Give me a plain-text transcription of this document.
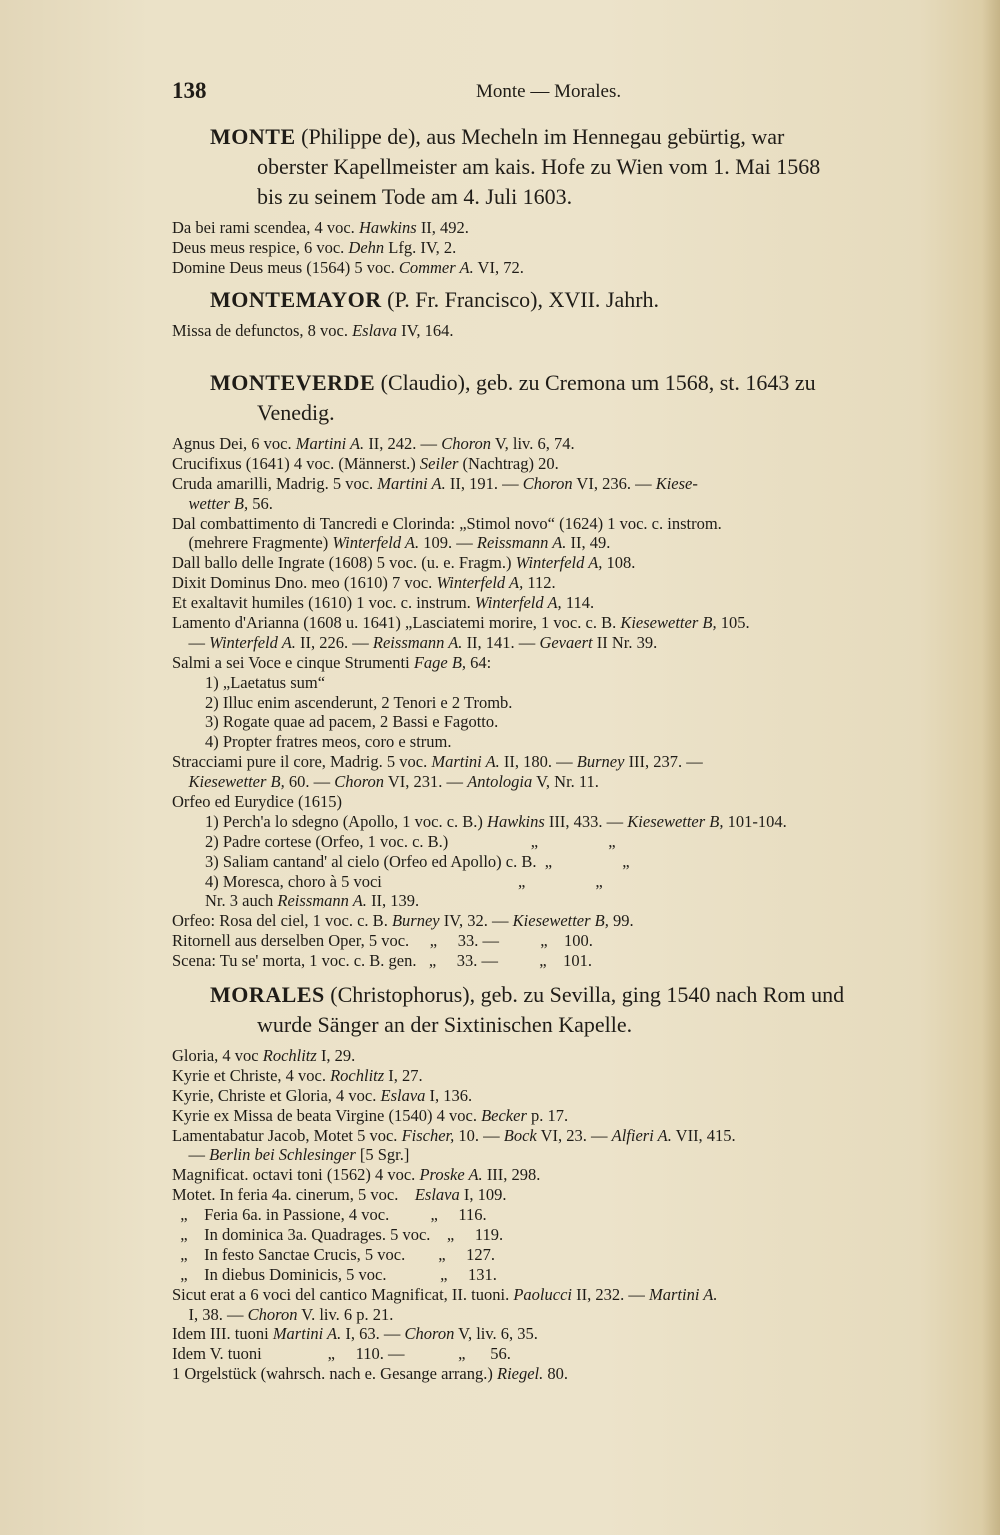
138	Monte — Morales.
MONTE (Philippe de), aus Mecheln im Hennegau gebürtig, war
oberster Kapellmeister am kais. Hofe zu Wien vom 1. Mai 1568
bis zu seinem Tode am 4. Juli 1603.
Da bei rami scendea, 4 voc. Hawkins II, 492.
Deus meus respice, 6 voc. Dehn Lfg. IV, 2.
Domine Deus meus (1564) 5 voc. Commer A. VI, 72.
MONTEMAYOR (P. Fr. Francisco), XVII. Jahrh.
Missa de defunctos, 8 voc. Eslava IV, 164.
MONTEVERDE (Claudio), geb. zu Cremona um 1568, st. 1643 zu
Venedig.
Agnus Dei, 6 voc. Martini A. II, 242. — Choron V, liv. 6, 74.
Crucifixus (1641) 4 voc. (Männerst.) Seiler (Nachtrag) 20.
Cruda amarilli, Madrig. 5 voc. Martini A. II, 191. — Choron VI, 236. — Kiese-
wetter B, 56.
Dal combattimento di Tancredi e Clorinda: „Stimol novo“ (1624) 1 voc. c. instrom.
(mehrere Fragmente) Winterfeld A. 109. — Reissmann A. II, 49.
Dall ballo delle Ingrate (1608) 5 voc. (u. e. Fragm.) Winterfeld A, 108.
Dixit Dominus Dno. meo (1610) 7 voc. Winterfeld A, 112.
Et exaltavit humiles (1610) 1 voc. c. instrum. Winterfeld A, 114.
Lamento d'Arianna (1608 u. 1641) „Lasciatemi morire, 1 voc. c. B. Kiesewetter B, 105.
— Winterfeld A. II, 226. — Reissmann A. II, 141. — Gevaert II Nr. 39.
Salmi a sei Voce e cinque Strumenti Fage B, 64:
1) „Laetatus sum“
2) Illuc enim ascenderunt, 2 Tenori e 2 Tromb.
3) Rogate quae ad pacem, 2 Bassi e Fagotto.
4) Propter fratres meos, coro e strum.
Stracciami pure il core, Madrig. 5 voc. Martini A. II, 180. — Burney III, 237. —
Kiesewetter B, 60. — Choron VI, 231. — Antologia V, Nr. 11.
Orfeo ed Eurydice (1615)
1) Perch'a lo sdegno (Apollo, 1 voc. c. B.) Hawkins III, 433. — Kiesewetter B, 101-104.
2) Padre cortese (Orfeo, 1 voc. c. B.)                    „                 „
3) Saliam cantand' al cielo (Orfeo ed Apollo) c. B.  „                 „
4) Moresca, choro à 5 voci                                 „                 „
Nr. 3 auch Reissmann A. II, 139.
Orfeo: Rosa del ciel, 1 voc. c. B. Burney IV, 32. — Kiesewetter B, 99.
Ritornell aus derselben Oper, 5 voc.     „     33. —          „    100.
Scena: Tu se' morta, 1 voc. c. B. gen.   „     33. —          „    101.
MORALES (Christophorus), geb. zu Sevilla, ging 1540 nach Rom und
wurde Sänger an der Sixtinischen Kapelle.
Gloria, 4 voc Rochlitz I, 29.
Kyrie et Christe, 4 voc. Rochlitz I, 27.
Kyrie, Christe et Gloria, 4 voc. Eslava I, 136.
Kyrie ex Missa de beata Virgine (1540) 4 voc. Becker p. 17.
Lamentabatur Jacob, Motet 5 voc. Fischer, 10. — Bock VI, 23. — Alfieri A. VII, 415.
— Berlin bei Schlesinger [5 Sgr.]
Magnificat. octavi toni (1562) 4 voc. Proske A. III, 298.
Motet. In feria 4a. cinerum, 5 voc.    Eslava I, 109.
„    Feria 6a. in Passione, 4 voc.          „     116.
„    In dominica 3a. Quadrages. 5 voc.    „     119.
„    In festo Sanctae Crucis, 5 voc.        „     127.
„    In diebus Dominicis, 5 voc.             „     131.
Sicut erat a 6 voci del cantico Magnificat, II. tuoni. Paolucci II, 232. — Martini A.
I, 38. — Choron V. liv. 6 p. 21.
Idem III. tuoni Martini A. I, 63. — Choron V, liv. 6, 35.
Idem V. tuoni                „     110. —             „      56.
1 Orgelstück (wahrsch. nach e. Gesange arrang.) Riegel. 80.
